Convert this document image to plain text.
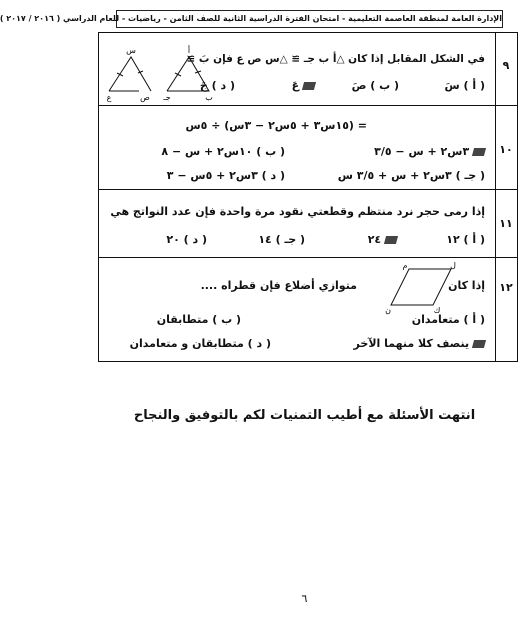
الإدارة العامة لمنطقة العاصمة التعليمية - امتحان الفترة الدراسية الثانية للصف الثامن - رياضيات - للعام الدراسي ( ٢٠١٦ / ٢٠١٧ )
٩
في الشكل المقابل إذا كان △أ ب جـ ≅ △س ص ع فإن بَ ≅
( أ ) سَ
( ب ) صَ
عَ
( د ) جَ
س
ع	ص
أ
ب
جـ
١٠
= (١٥س٣ + ٥س٢ − ٣س) ÷ ٥س
٣س٢ + س − ٣/٥
( ب ) ١٠س٢ + س − ٨
( جـ ) ٣س٢ + س + ٣/٥ س
( د ) ٣س٢ + ٥س − ٣
١١
إذا رمى حجر نرد منتظم وقطعتي نقود مرة واحدة فإن عدد النواتج هي
( أ ) ١٢
٢٤
( جـ ) ١٤
( د ) ٢٠
١٢
إذا كان
متوازي أضلاع فإن قطراه ....
ل
م
ن	ك
( أ ) متعامدان
( ب ) متطابقان
ينصف كلا منهما الآخر
( د ) متطابقان و متعامدان
انتهت الأسئلة مع أطيب التمنيات لكم بالتوفيق والنجاح
٦
